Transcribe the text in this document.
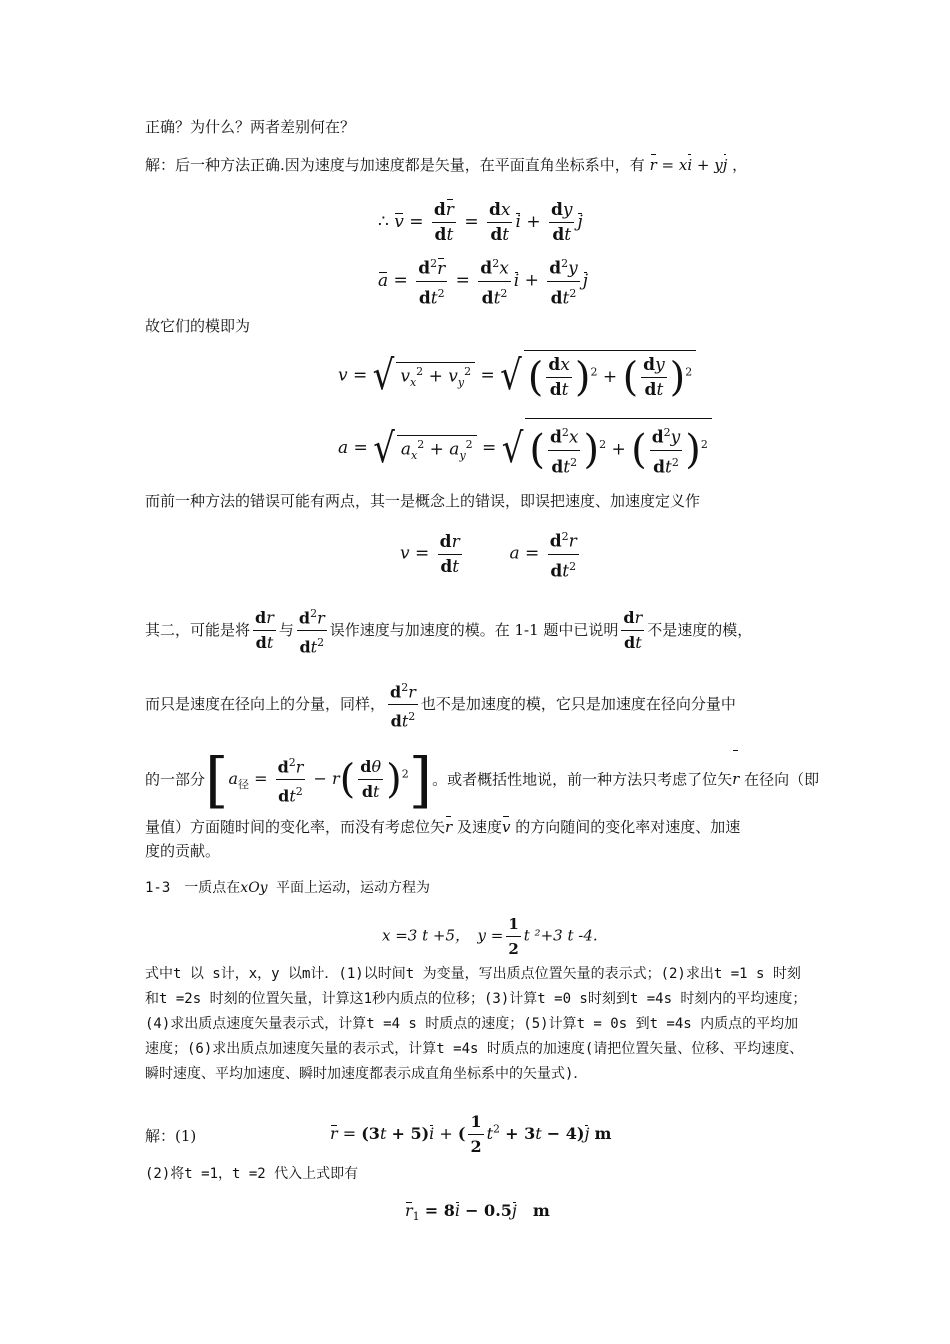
正确？为什么？两者差别何在？
解：后一种方法正确.因为速度与加速度都是矢量，在平面直角坐标系中，有 r = xi + yj ，
∴ $v = \frac{dr}{dt} = \frac{dx}{dt}$ $i + \frac{dy}{dt}$ j
$a = \frac{d^2r}{dt^2} = \frac{d^2x}{dt^2}$ $i + \frac{d^2y}{dt^2}$ j
故它们的模即为
v = √ $v_x^2 + v_y^2$ = √ ( $\frac{dx}{dt} )^2$ + ( $\frac{dy}{dt} )^2$
a = √ $a_x^2 + a_y^2$ = √ ( $\frac{d^2x}{dt^2} )^2$ + ( $\frac{d^2y}{dt^2} )^2$
而前一种方法的错误可能有两点，其一是概念上的错误，即误把速度、加速度定义作
$v = \frac{dr}{dt}$	$a = \frac{d^2r}{dt^2}$
其二，可能是将 $\frac{dr}{dt}$ 与 $\frac{d^2r}{dt^2}$ 误作速度与加速度的模。在 1-1 题中已说明 $\frac{dr}{dt}$ 不是速度的模，
而只是速度在径向上的分量，同样， $\frac{d^2r}{dt^2}$ 也不是加速度的模，它只是加速度在径向分量中
的一部分$[a_径 = \frac{d^2r}{dt^2} - r( \frac{d\theta}{dt} )^2]$。或者概括性地说，前一种方法只考虑了位矢r 在径向（即
量值）方面随时间的变化率，而没有考虑位矢r 及速度v 的方向随间的变化率对速度、加速
度的贡献。
1-3　一质点在xOy 平面上运动，运动方程为
x =3 t +5，　$y = \frac{1}{2}$ t ²+3 t -4.
式中t 以 s计，x，y 以m计．(1)以时间t 为变量，写出质点位置矢量的表示式；(2)求出t =1 s 时刻和t =2s 时刻的位置矢量，计算这1秒内质点的位移；(3)计算t =0 s时刻到t =4s 时刻内的平均速度；(4)求出质点速度矢量表示式，计算t =4 s 时质点的速度；(5)计算t = 0s 到t =4s 内质点的平均加速度；(6)求出质点加速度矢量的表示式，计算t =4s 时质点的加速度(请把位置矢量、位移、平均速度、瞬时速度、平均加速度、瞬时加速度都表示成直角坐标系中的矢量式)．
解：(1)	r = (3t + 5)i + ( $\frac{1}{2} t^2 + 3t - 4)j$ m
(2)将t =1，t =2 代入上式即有
$r_1 = 8i - 0.5j$　 m
